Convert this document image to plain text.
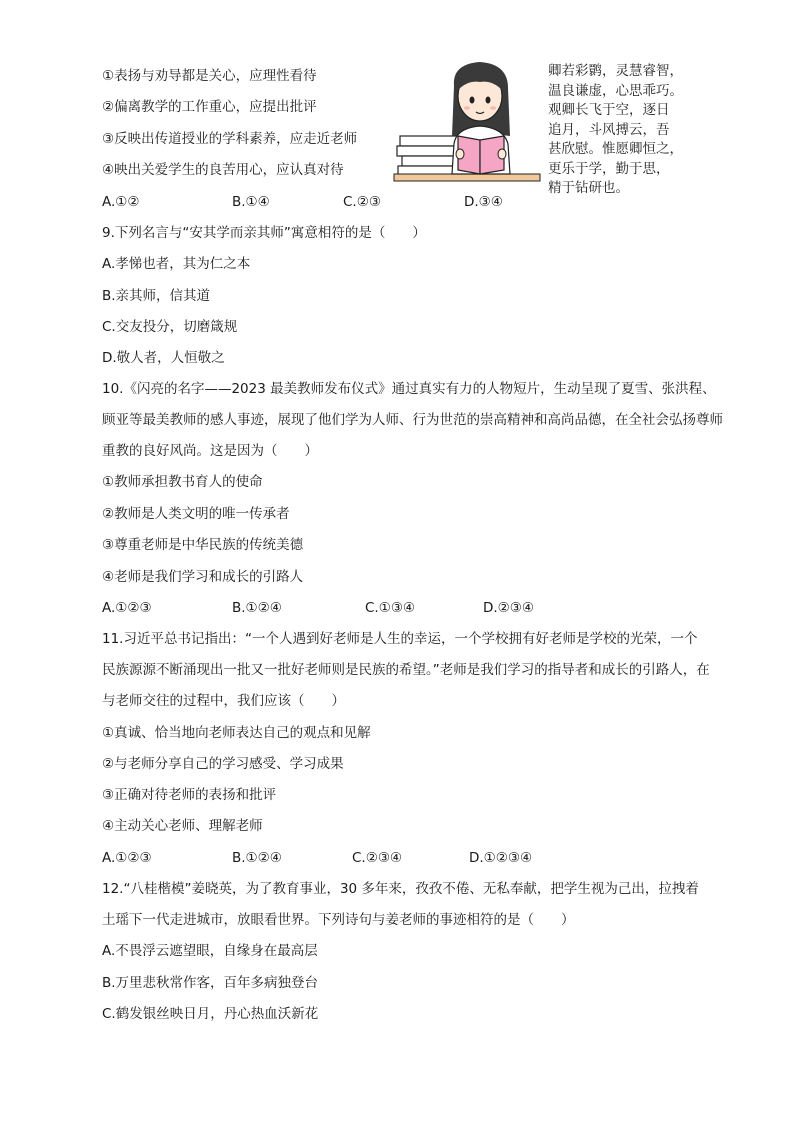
①表扬与劝导都是关心，应理性看待
②偏离教学的工作重心，应提出批评
③反映出传道授业的学科素养，应走近老师
④映出关爱学生的良苦用心，应认真对待
A.①②	B.①④	C.②③	D.③④
卿若彩鹮，灵慧睿智，
温良谦虚，心思乖巧。
观卿长飞于空，逐日
追月，斗风搏云，吾
甚欣慰。惟愿卿恒之，
更乐于学，勤于思，
精于钻研也。
9.下列名言与“安其学而亲其师”寓意相符的是（　　）
A.孝悌也者，其为仁之本
B.亲其师，信其道
C.交友投分，切磨箴规
D.敬人者，人恒敬之
10.《闪亮的名字——2023 最美教师发布仪式》通过真实有力的人物短片，生动呈现了夏雪、张洪程、
顾亚等最美教师的感人事迹，展现了他们学为人师、行为世范的崇高精神和高尚品德，在全社会弘扬尊师
重教的良好风尚。这是因为（　　）
①教师承担教书育人的使命
②教师是人类文明的唯一传承者
③尊重老师是中华民族的传统美德
④老师是我们学习和成长的引路人
A.①②③	B.①②④	C.①③④	D.②③④
11.习近平总书记指出：“一个人遇到好老师是人生的幸运，一个学校拥有好老师是学校的光荣，一个
民族源源不断涌现出一批又一批好老师则是民族的希望。”老师是我们学习的指导者和成长的引路人，在
与老师交往的过程中，我们应该（　　）
①真诚、恰当地向老师表达自己的观点和见解
②与老师分享自己的学习感受、学习成果
③正确对待老师的表扬和批评
④主动关心老师、理解老师
A.①②③	B.①②④	C.②③④	D.①②③④
12.“八桂楷模”姜晓英，为了教育事业，30 多年来，孜孜不倦、无私奉献，把学生视为己出，拉拽着
土瑶下一代走进城市，放眼看世界。下列诗句与姜老师的事迹相符的是（　　）
A.不畏浮云遮望眼，自缘身在最高层
B.万里悲秋常作客，百年多病独登台
C.鹤发银丝映日月，丹心热血沃新花
